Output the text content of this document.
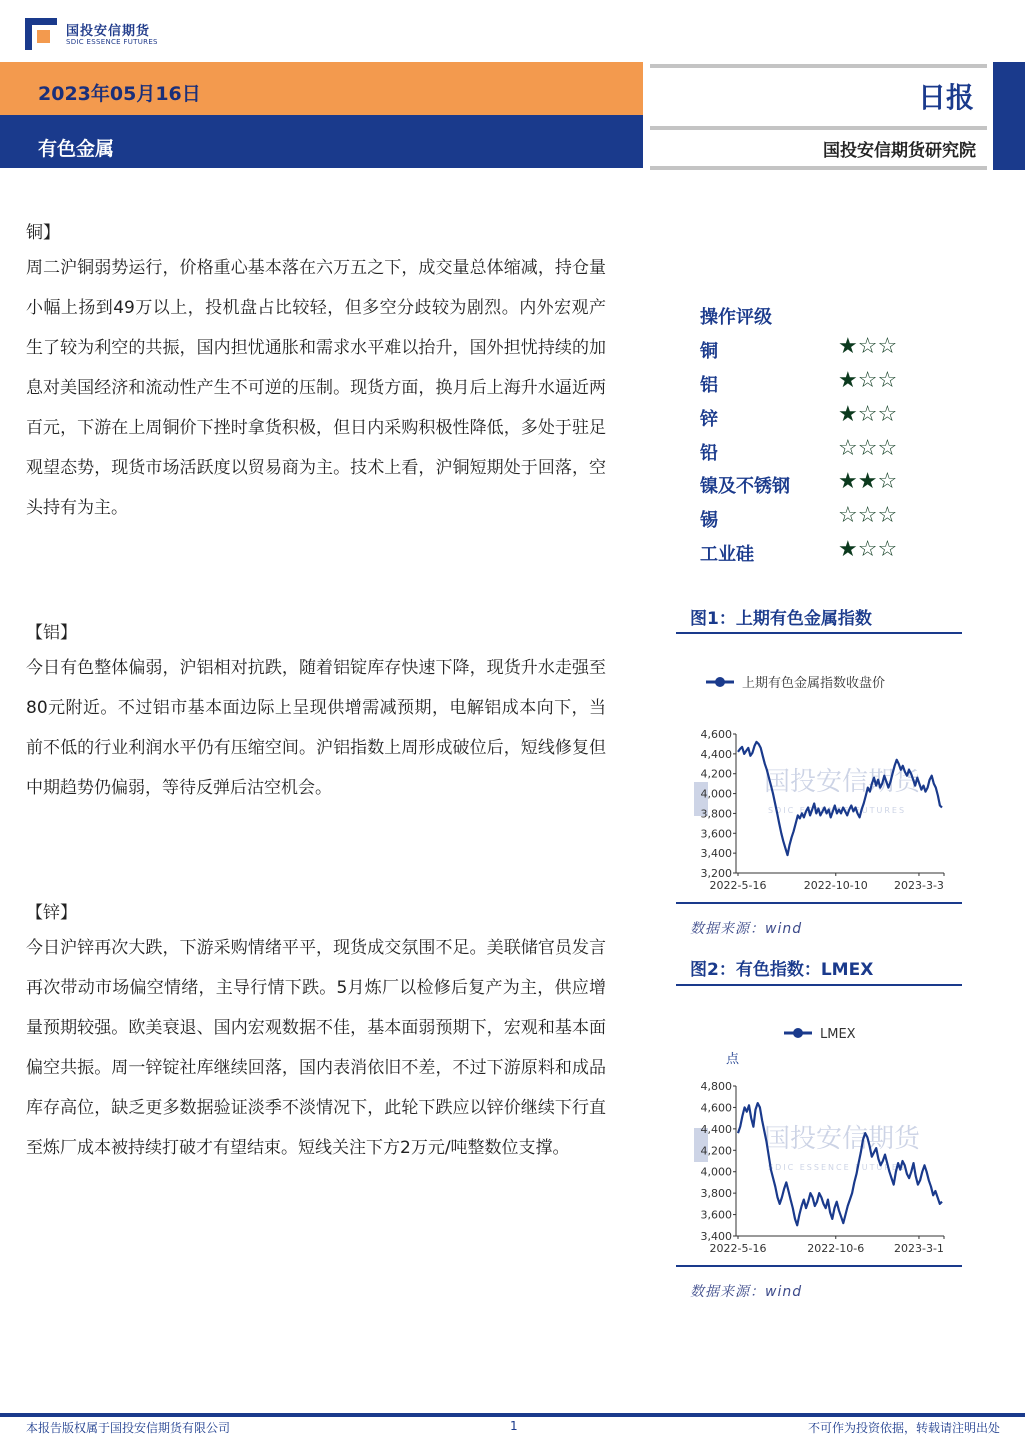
国投安信期货
SDIC ESSENCE FUTURES
2023年05月16日
有色金属
日报
国投安信期货研究院
铜】

周二沪铜弱势运行，价格重心基本落在六万五之下，成交量总体缩减，持仓量小幅上扬到49万以上，投机盘占比较轻，但多空分歧较为剧烈。内外宏观产生了较为利空的共振，国内担忧通胀和需求水平难以抬升，国外担忧持续的加息对美国经济和流动性产生不可逆的压制。现货方面，换月后上海升水逼近两百元，下游在上周铜价下挫时拿货积极，但日内采购积极性降低，多处于驻足观望态势，现货市场活跃度以贸易商为主。技术上看，沪铜短期处于回落，空头持有为主。

【铝】

今日有色整体偏弱，沪铝相对抗跌，随着铝锭库存快速下降，现货升水走强至80元附近。不过铝市基本面边际上呈现供增需减预期，电解铝成本向下，当前不低的行业利润水平仍有压缩空间。沪铝指数上周形成破位后，短线修复但中期趋势仍偏弱，等待反弹后沽空机会。

【锌】

今日沪锌再次大跌，下游采购情绪平平，现货成交氛围不足。美联储官员发言再次带动市场偏空情绪，主导行情下跌。5月炼厂以检修后复产为主，供应增量预期较强。欧美衰退、国内宏观数据不佳，基本面弱预期下，宏观和基本面偏空共振。周一锌锭社库继续回落，国内表消依旧不差，不过下游原料和成品库存高位，缺乏更多数据验证淡季不淡情况下，此轮下跌应以锌价继续下行直至炼厂成本被持续打破才有望结束。短线关注下方2万元/吨整数位支撑。

操作评级
铜	★☆☆
铝	★☆☆
锌	★☆☆
铅	☆☆☆
镍及不锈钢 ★★☆
锡	☆☆☆
工业硅	★☆☆
图1：上期有色金属指数
上期有色金属指数收盘价
国投安信期货
SDIC ESSENCE FUTURES
3,200
3,400
3,600
3,800
4,000
4,200
4,400
4,600
2022-5-16	2022-10-10 2023-3-3
数据来源：wind
图2：有色指数：LMEX
LMEX
点
国投安信期货
SDIC ESSENCE FUTURES
3,400
3,600
3,800
4,000
4,200
4,400
4,600
4,800
2022-5-16	2022-10-6	2023-3-1
数据来源：wind
本报告版权属于国投安信期货有限公司	1	不可作为投资依据，转载请注明出处
